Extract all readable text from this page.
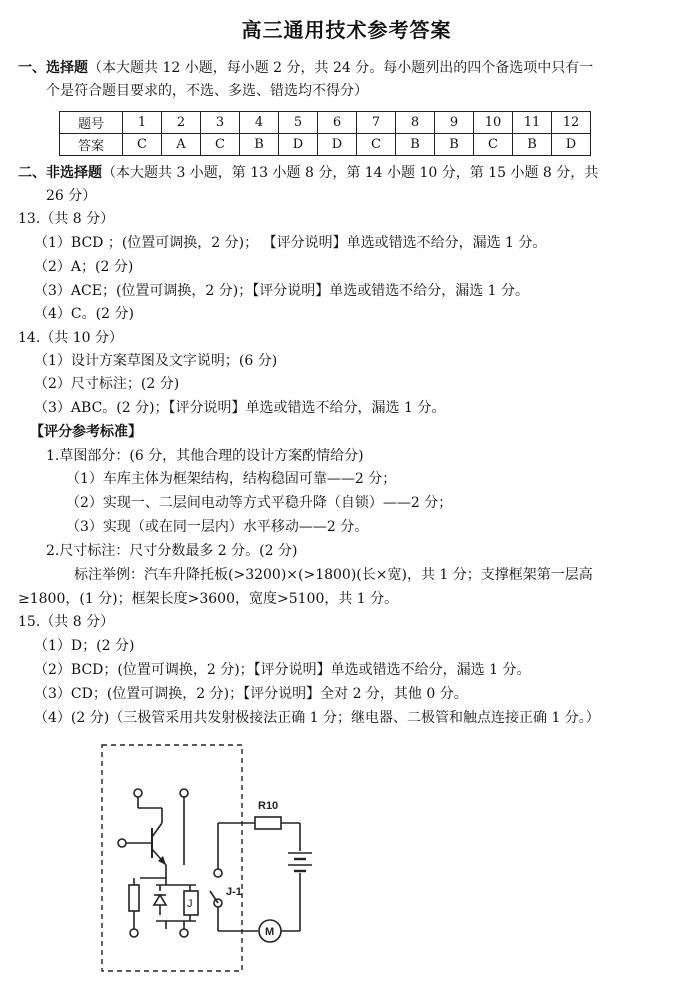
高三通用技术参考答案
一、选择题（本大题共 12 小题，每小题 2 分，共 24 分。每小题列出的四个备选项中只有一
个是符合题目要求的，不选、多选、错选均不得分）
题号	1	2	3	4	5	6	7	8	9	10	11	12
答案	C	A	C	B	D	D	C	B	B	C	B	D
二、非选择题（本大题共 3 小题，第 13 小题 8 分，第 14 小题 10 分，第 15 小题 8 分，共
26 分）
13.（共 8 分）
（1）BCD ；(位置可调换，2 分)； 【评分说明】单选或错选不给分，漏选 1 分。
（2）A；(2 分)
（3）ACE；(位置可调换，2 分)；【评分说明】单选或错选不给分，漏选 1 分。
（4）C。(2 分)
14.（共 10 分）
（1）设计方案草图及文字说明；(6 分)
（2）尺寸标注；(2 分)
（3）ABC。(2 分)；【评分说明】单选或错选不给分，漏选 1 分。
【评分参考标准】
1.草图部分：(6 分，其他合理的设计方案酌情给分)
（1）车库主体为框架结构，结构稳固可靠——2 分；
（2）实现一、二层间电动等方式平稳升降（自锁）——2 分；
（3）实现（或在同一层内）水平移动——2 分。
2.尺寸标注：尺寸分数最多 2 分。(2 分)
标注举例：汽车升降托板(>3200)×(>1800)(长×宽)，共 1 分；支撑框架第一层高
≥1800，(1 分)；框架长度>3600，宽度>5100，共 1 分。
15.（共 8 分）
（1）D；(2 分)
（2）BCD；(位置可调换，2 分)；【评分说明】单选或错选不给分，漏选 1 分。
（3）CD；(位置可调换，2 分)；【评分说明】全对 2 分，其他 0 分。
（4）(2 分)（三极管采用共发射极接法正确 1 分；继电器、二极管和触点连接正确 1 分。）
J
R10
J-1
M
